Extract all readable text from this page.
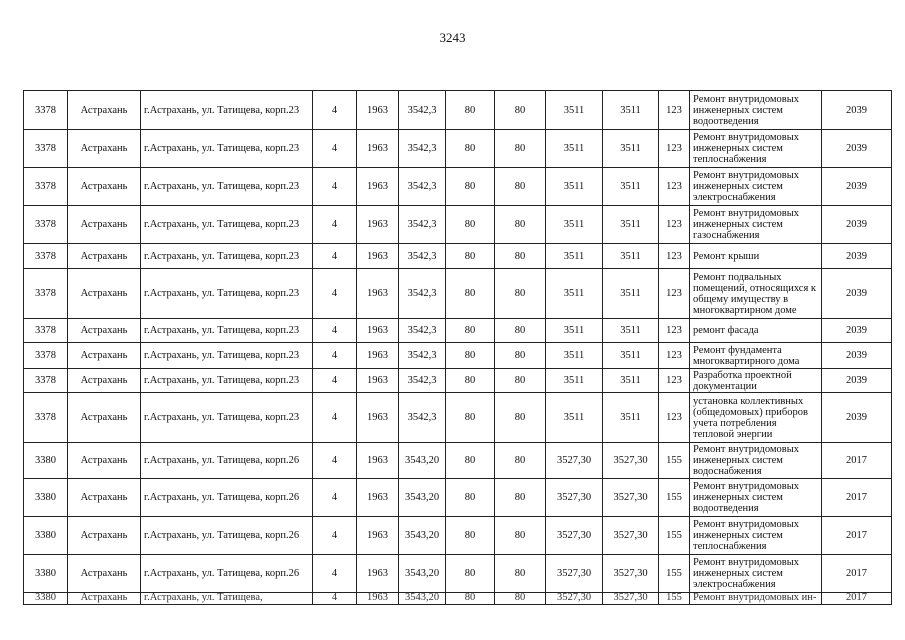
3243
3378	Астрахань	г.Астрахань, ул. Татищева, корп.23	4	1963	3542,3	80	80	3511	3511	123	Ремонт внутридомовых инженерных систем водоотведения	2039
3378	Астрахань	г.Астрахань, ул. Татищева, корп.23	4	1963	3542,3	80	80	3511	3511	123	Ремонт внутридомовых инженерных систем теплоснабжения	2039
3378	Астрахань	г.Астрахань, ул. Татищева, корп.23	4	1963	3542,3	80	80	3511	3511	123	Ремонт внутридомовых инженерных систем электроснабжения	2039
3378	Астрахань	г.Астрахань, ул. Татищева, корп.23	4	1963	3542,3	80	80	3511	3511	123	Ремонт внутридомовых инженерных систем газоснабжения	2039
3378	Астрахань	г.Астрахань, ул. Татищева, корп.23	4	1963	3542,3	80	80	3511	3511	123	Ремонт крыши	2039
3378	Астрахань	г.Астрахань, ул. Татищева, корп.23	4	1963	3542,3	80	80	3511	3511	123	Ремонт подвальных помещений, относящихся к общему имуществу в многоквартирном доме	2039
3378	Астрахань	г.Астрахань, ул. Татищева, корп.23	4	1963	3542,3	80	80	3511	3511	123	ремонт фасада	2039
3378	Астрахань	г.Астрахань, ул. Татищева, корп.23	4	1963	3542,3	80	80	3511	3511	123	Ремонт фундамента многоквартирного дома	2039
3378	Астрахань	г.Астрахань, ул. Татищева, корп.23	4	1963	3542,3	80	80	3511	3511	123	Разработка проектной документации	2039
3378	Астрахань	г.Астрахань, ул. Татищева, корп.23	4	1963	3542,3	80	80	3511	3511	123	установка коллективных (общедомовых) приборов учета потребления тепловой энергии	2039
3380	Астрахань	г.Астрахань, ул. Татищева, корп.26	4	1963	3543,20	80	80	3527,30	3527,30	155	Ремонт внутридомовых инженерных систем водоснабжения	2017
3380	Астрахань	г.Астрахань, ул. Татищева, корп.26	4	1963	3543,20	80	80	3527,30	3527,30	155	Ремонт внутридомовых инженерных систем водоотведения	2017
3380	Астрахань	г.Астрахань, ул. Татищева, корп.26	4	1963	3543,20	80	80	3527,30	3527,30	155	Ремонт внутридомовых инженерных систем теплоснабжения	2017
3380	Астрахань	г.Астрахань, ул. Татищева, корп.26	4	1963	3543,20	80	80	3527,30	3527,30	155	Ремонт внутридомовых инженерных систем электроснабжения	2017
3380	Астрахань	г.Астрахань, ул. Татищева,	4	1963	3543,20	80	80	3527,30	3527,30	155	Ремонт внутридомовых ин-	2017
